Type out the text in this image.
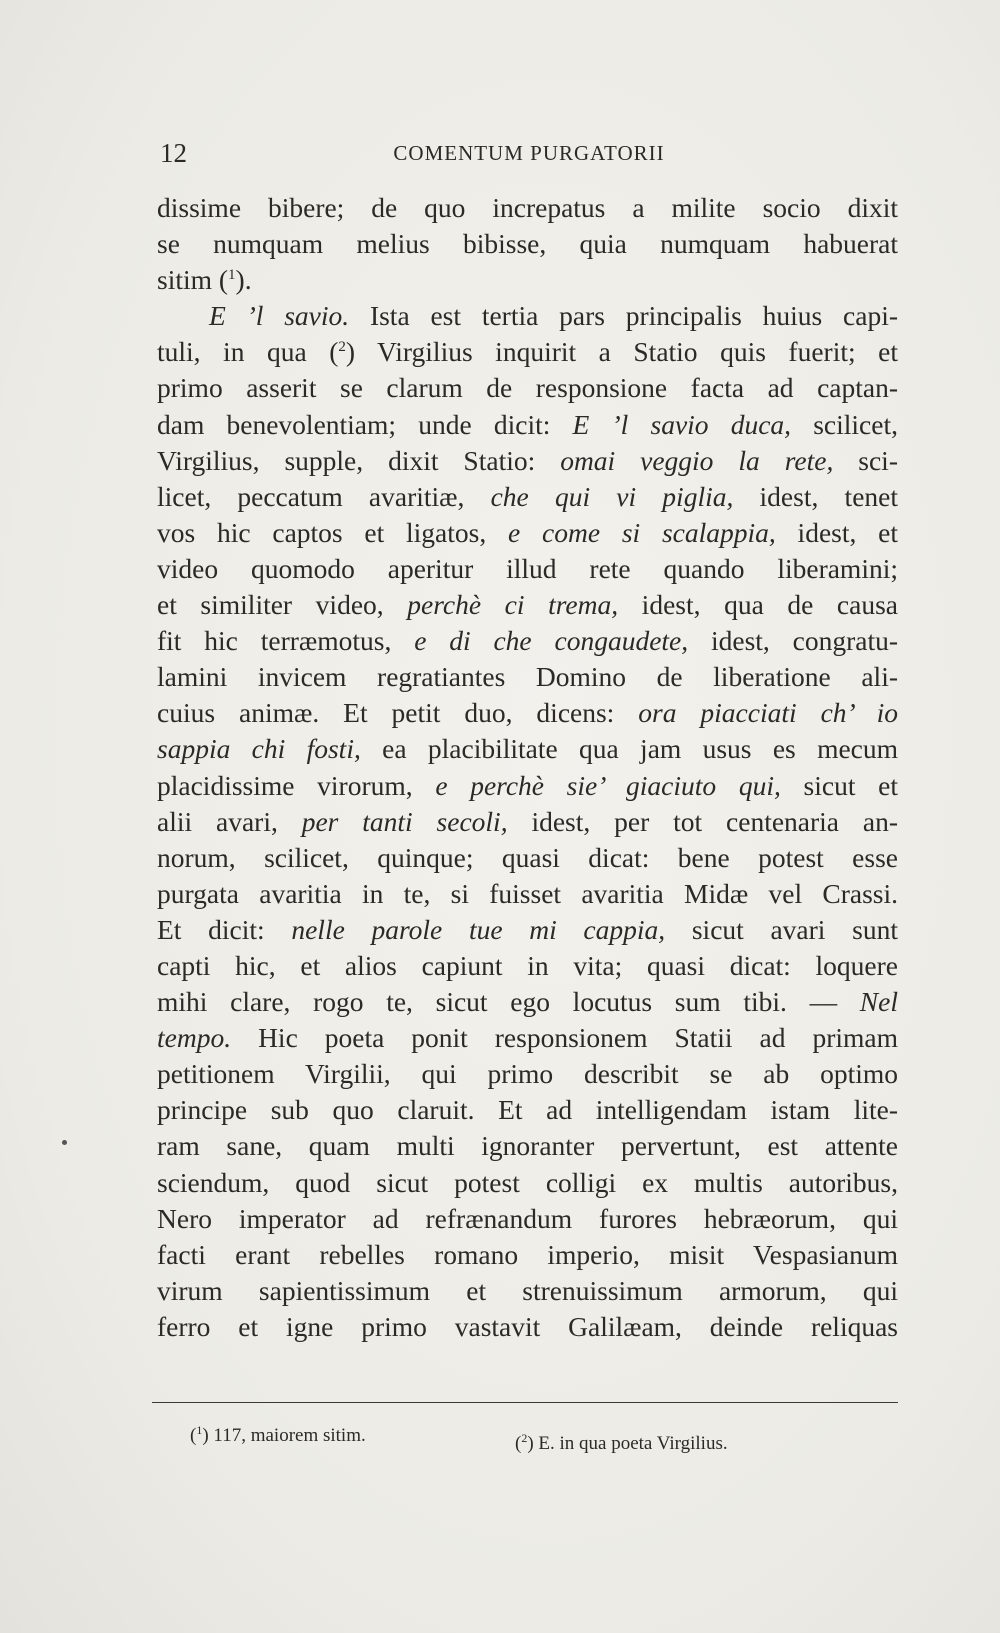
12	COMENTUM PURGATORII
dissime bibere; de quo increpatus a milite socio dixit
se numquam melius bibisse, quia numquam habuerat
sitim ($^1$).
E ’l savio. Ista est tertia pars principalis huius capi-
tuli, in qua ($^2$) Virgilius inquirit a Statio quis fuerit; et
primo asserit se clarum de responsione facta ad captan-
dam benevolentiam; unde dicit: E ’l savio duca, scilicet,
Virgilius, supple, dixit Statio: omai veggio la rete, sci-
licet, peccatum avaritiæ, che qui vi piglia, idest, tenet
vos hic captos et ligatos, e come si scalappia, idest, et
video quomodo aperitur illud rete quando liberamini;
et similiter video, perchè ci trema, idest, qua de causa
fit hic terræmotus, e di che congaudete, idest, congratu-
lamini invicem regratiantes Domino de liberatione ali-
cuius animæ. Et petit duo, dicens: ora piacciati ch’ io
sappia chi fosti, ea placibilitate qua jam usus es mecum
placidissime virorum, e perchè sie’ giaciuto qui, sicut et
alii avari, per tanti secoli, idest, per tot centenaria an-
norum, scilicet, quinque; quasi dicat: bene potest esse
purgata avaritia in te, si fuisset avaritia Midæ vel Crassi.
Et dicit: nelle parole tue mi cappia, sicut avari sunt
capti hic, et alios capiunt in vita; quasi dicat: loquere
mihi clare, rogo te, sicut ego locutus sum tibi. — Nel
tempo. Hic poeta ponit responsionem Statii ad primam
petitionem Virgilii, qui primo describit se ab optimo
principe sub quo claruit. Et ad intelligendam istam lite-
ram sane, quam multi ignoranter pervertunt, est attente
sciendum, quod sicut potest colligi ex multis autoribus,
Nero imperator ad refrænandum furores hebræorum, qui
facti erant rebelles romano imperio, misit Vespasianum
virum sapientissimum et strenuissimum armorum, qui
ferro et igne primo vastavit Galilæam, deinde reliquas
($^1$) 117, maiorem sitim.	($^2$) E. in qua poeta Virgilius.
